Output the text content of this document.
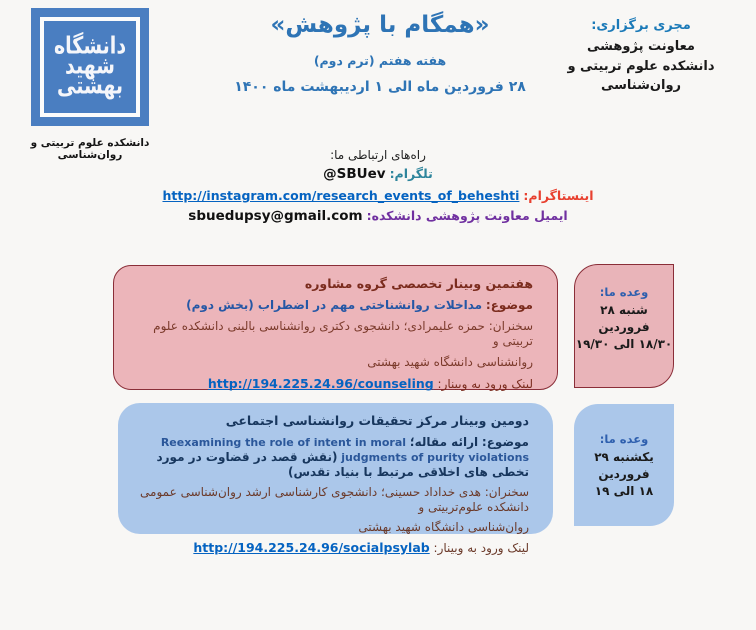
دانشگاه
شهید
بهشتی
دانشکده علوم تربیتی و روان‌شناسی
«همگام با پژوهش»
هفته هفتم (ترم دوم)
۲۸ فروردین ماه الی ۱ اردیبهشت ماه ۱۴۰۰
مجری برگزاری:
معاونت پژوهشی
دانشکده علوم تربیتی و روان‌شناسی
راه‌های ارتباطی ما:
تلگرام: @SBUev
اینستاگرام: http://instagram.com/research_events_of_beheshti
ایمیل معاونت پژوهشی دانشکده: sbuedupsy@gmail.com
هفتمین وبینار تخصصی گروه مشاوره
موضوع: مداخلات روانشناختی مهم در اضطراب (بخش دوم)
سخنران: حمزه علیمرادی؛ دانشجوی دکتری روانشناسی بالینی دانشکده علوم تربیتی و
روانشناسی دانشگاه شهید بهشتی
لینک ورود به وبینار: http://194.225.24.96/counseling
وعده ما:
شنبه ۲۸ فروردین
۱۸/۳۰ الی ۱۹/۳۰
دومین وبینار مرکز تحقیقات روانشناسی اجتماعی
موضوع: ارائه مقاله؛ Reexamining the role of intent in moral judgments of purity violations (نقش قصد در قضاوت در مورد تخطی های اخلاقی مرتبط با بنیاد تقدس)
سخنران: هدی خداداد حسینی؛ دانشجوی کارشناسی ارشد روان‌شناسی عمومی دانشکده علوم‌تربیتی و
روان‌شناسی دانشگاه شهید بهشتی
لینک ورود به وبینار: http://194.225.24.96/socialpsylab
وعده ما:
یکشنبه ۲۹ فروردین
۱۸ الی ۱۹
